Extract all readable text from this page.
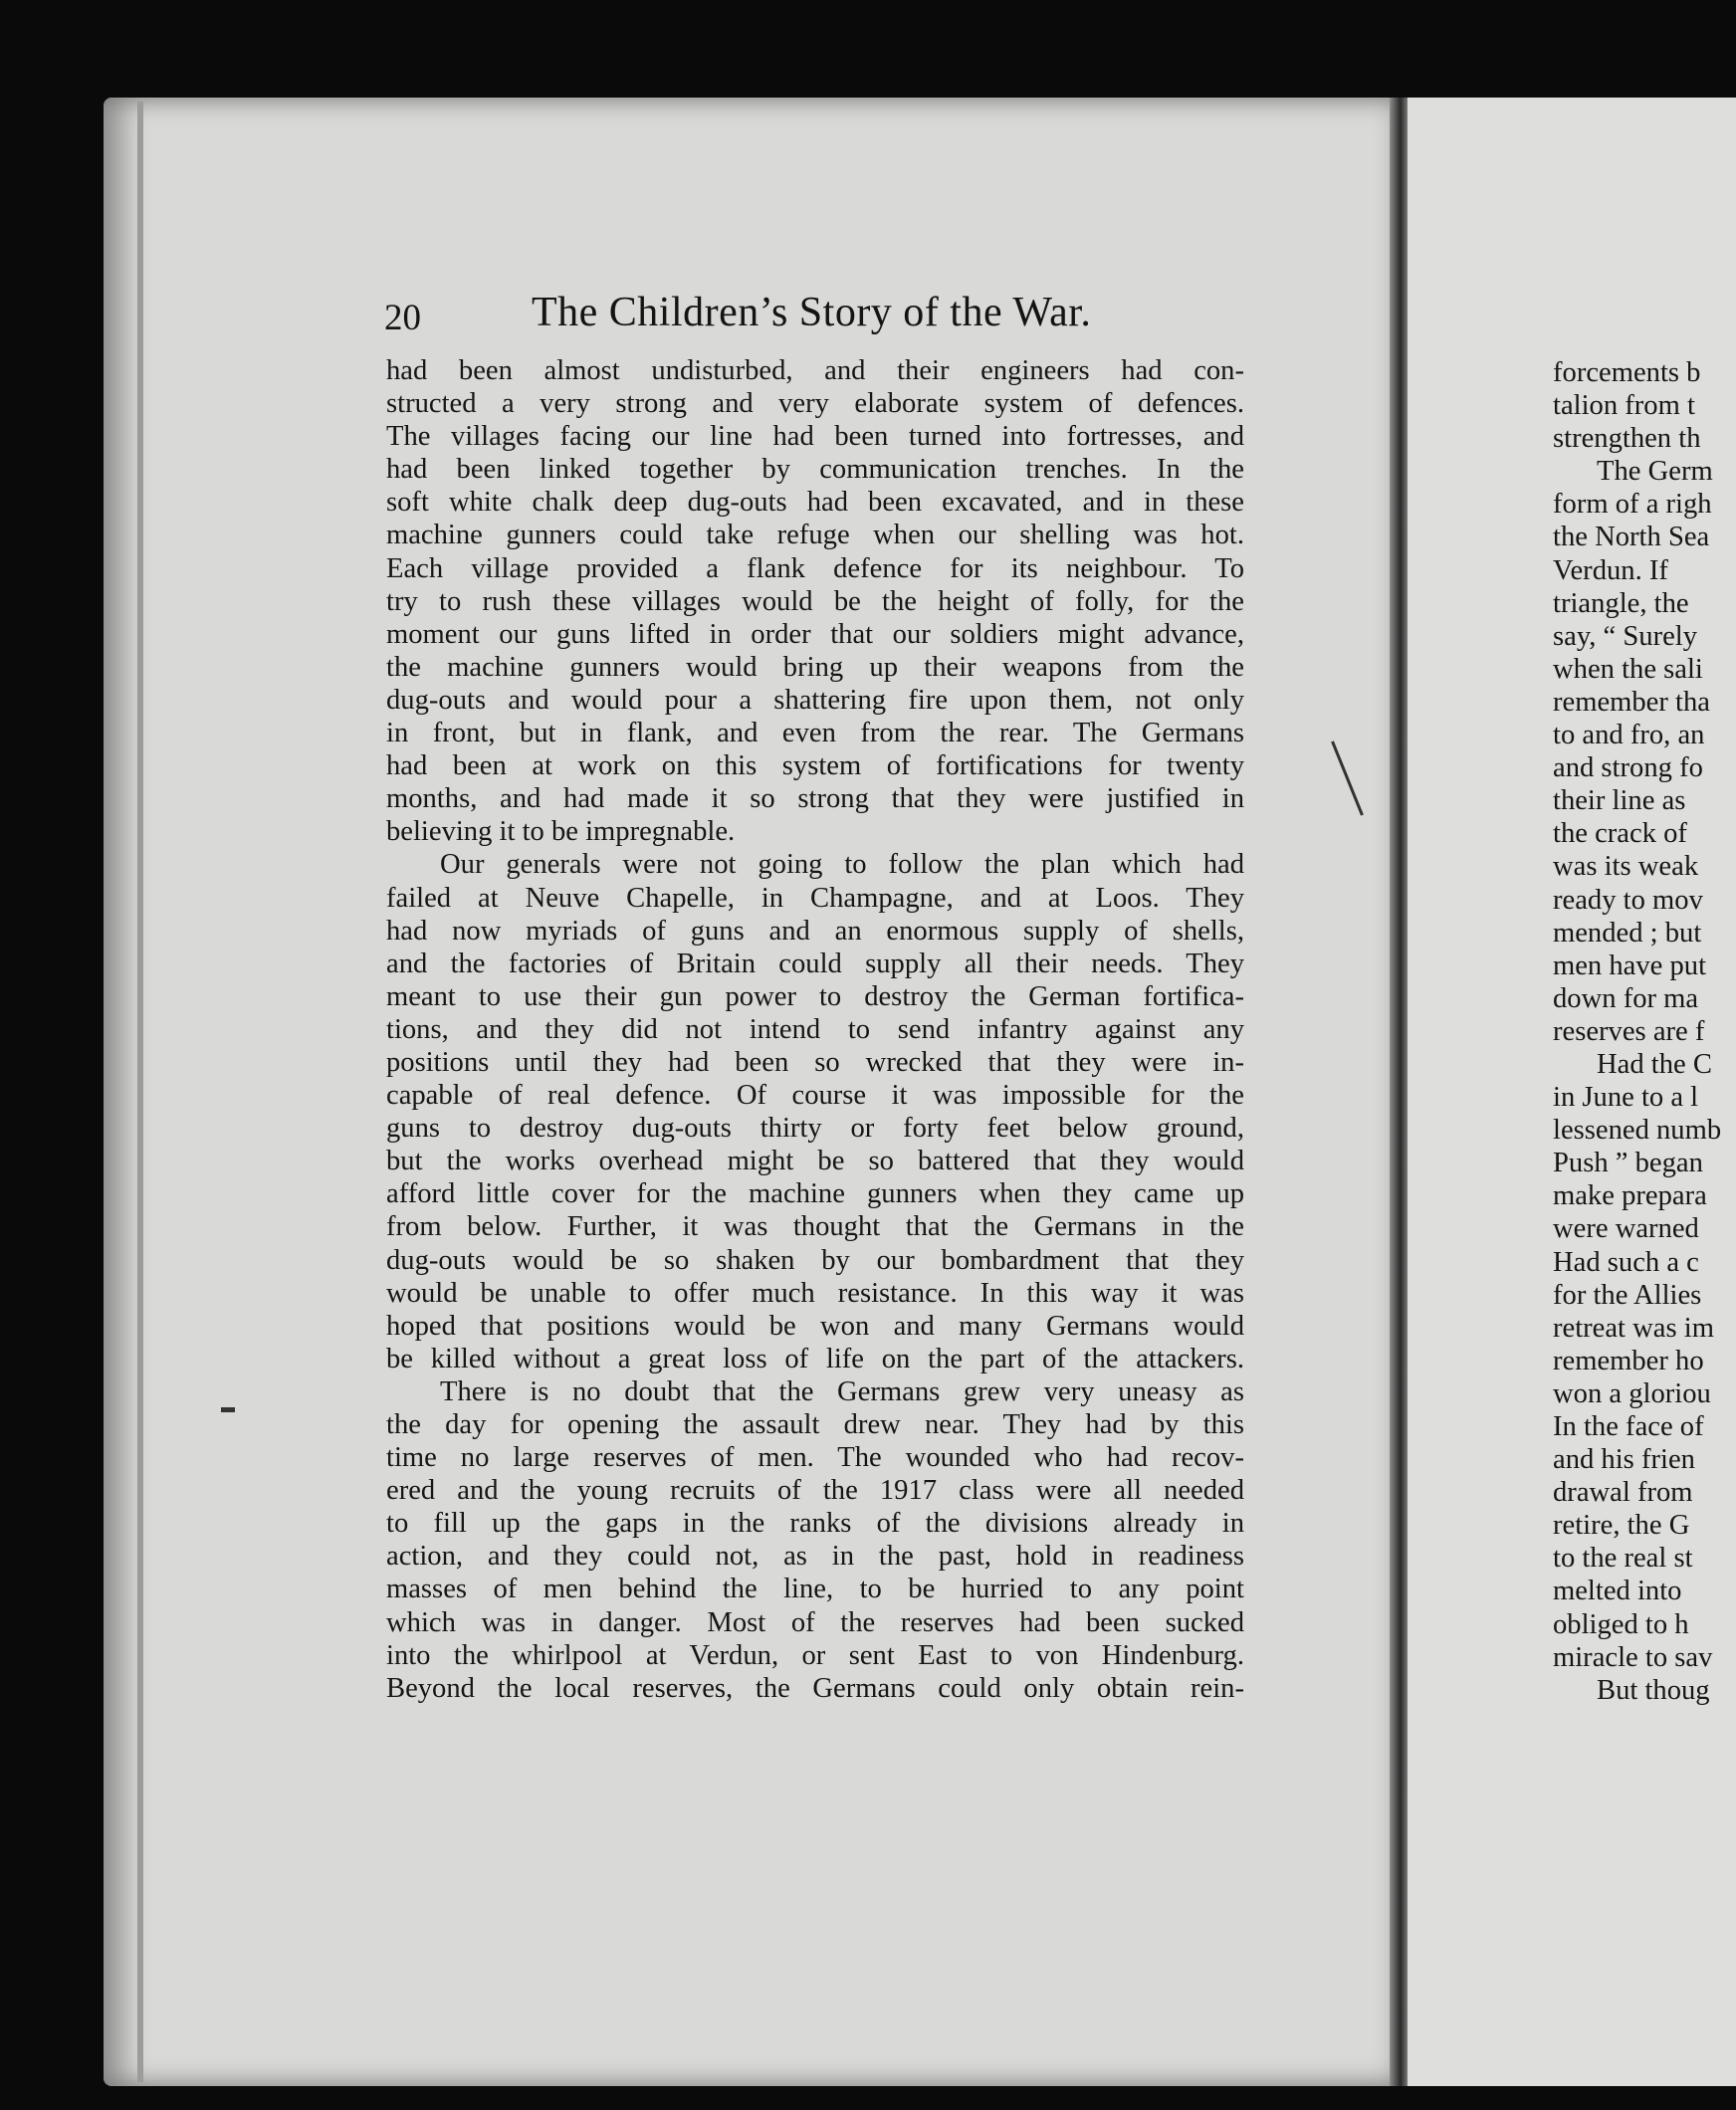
20	The Children’s Story of the War.
had been almost undisturbed, and their engineers had con-
structed a very strong and very elaborate system of defences.
The villages facing our line had been turned into fortresses, and
had been linked together by communication trenches. In the
soft white chalk deep dug-outs had been excavated, and in these
machine gunners could take refuge when our shelling was hot.
Each village provided a flank defence for its neighbour. To
try to rush these villages would be the height of folly, for the
moment our guns lifted in order that our soldiers might advance,
the machine gunners would bring up their weapons from the
dug-outs and would pour a shattering fire upon them, not only
in front, but in flank, and even from the rear. The Germans
had been at work on this system of fortifications for twenty
months, and had made it so strong that they were justified in
believing it to be impregnable.
Our generals were not going to follow the plan which had
failed at Neuve Chapelle, in Champagne, and at Loos. They
had now myriads of guns and an enormous supply of shells,
and the factories of Britain could supply all their needs. They
meant to use their gun power to destroy the German fortifica-
tions, and they did not intend to send infantry against any
positions until they had been so wrecked that they were in-
capable of real defence. Of course it was impossible for the
guns to destroy dug-outs thirty or forty feet below ground,
but the works overhead might be so battered that they would
afford little cover for the machine gunners when they came up
from below. Further, it was thought that the Germans in the
dug-outs would be so shaken by our bombardment that they
would be unable to offer much resistance. In this way it was
hoped that positions would be won and many Germans would
be killed without a great loss of life on the part of the attackers.
There is no doubt that the Germans grew very uneasy as
the day for opening the assault drew near. They had by this
time no large reserves of men. The wounded who had recov-
ered and the young recruits of the 1917 class were all needed
to fill up the gaps in the ranks of the divisions already in
action, and they could not, as in the past, hold in readiness
masses of men behind the line, to be hurried to any point
which was in danger. Most of the reserves had been sucked
into the whirlpool at Verdun, or sent East to von Hindenburg.
Beyond the local reserves, the Germans could only obtain rein-
forcements b
talion from t
strengthen th
The Germ
form of a righ
the North Sea
Verdun. If
triangle, the
say, “ Surely
when the sali
remember tha
to and fro, an
and strong fo
their line as
the crack of
was its weak
ready to mov
mended ; but
men have put
down for ma
reserves are f
Had the C
in June to a l
lessened numb
Push ” began
make prepara
were warned
Had such a c
for the Allies
retreat was im
remember ho
won a gloriou
In the face of
and his frien
drawal from
retire, the G
to the real st
melted into
obliged to h
miracle to sav
But thoug
